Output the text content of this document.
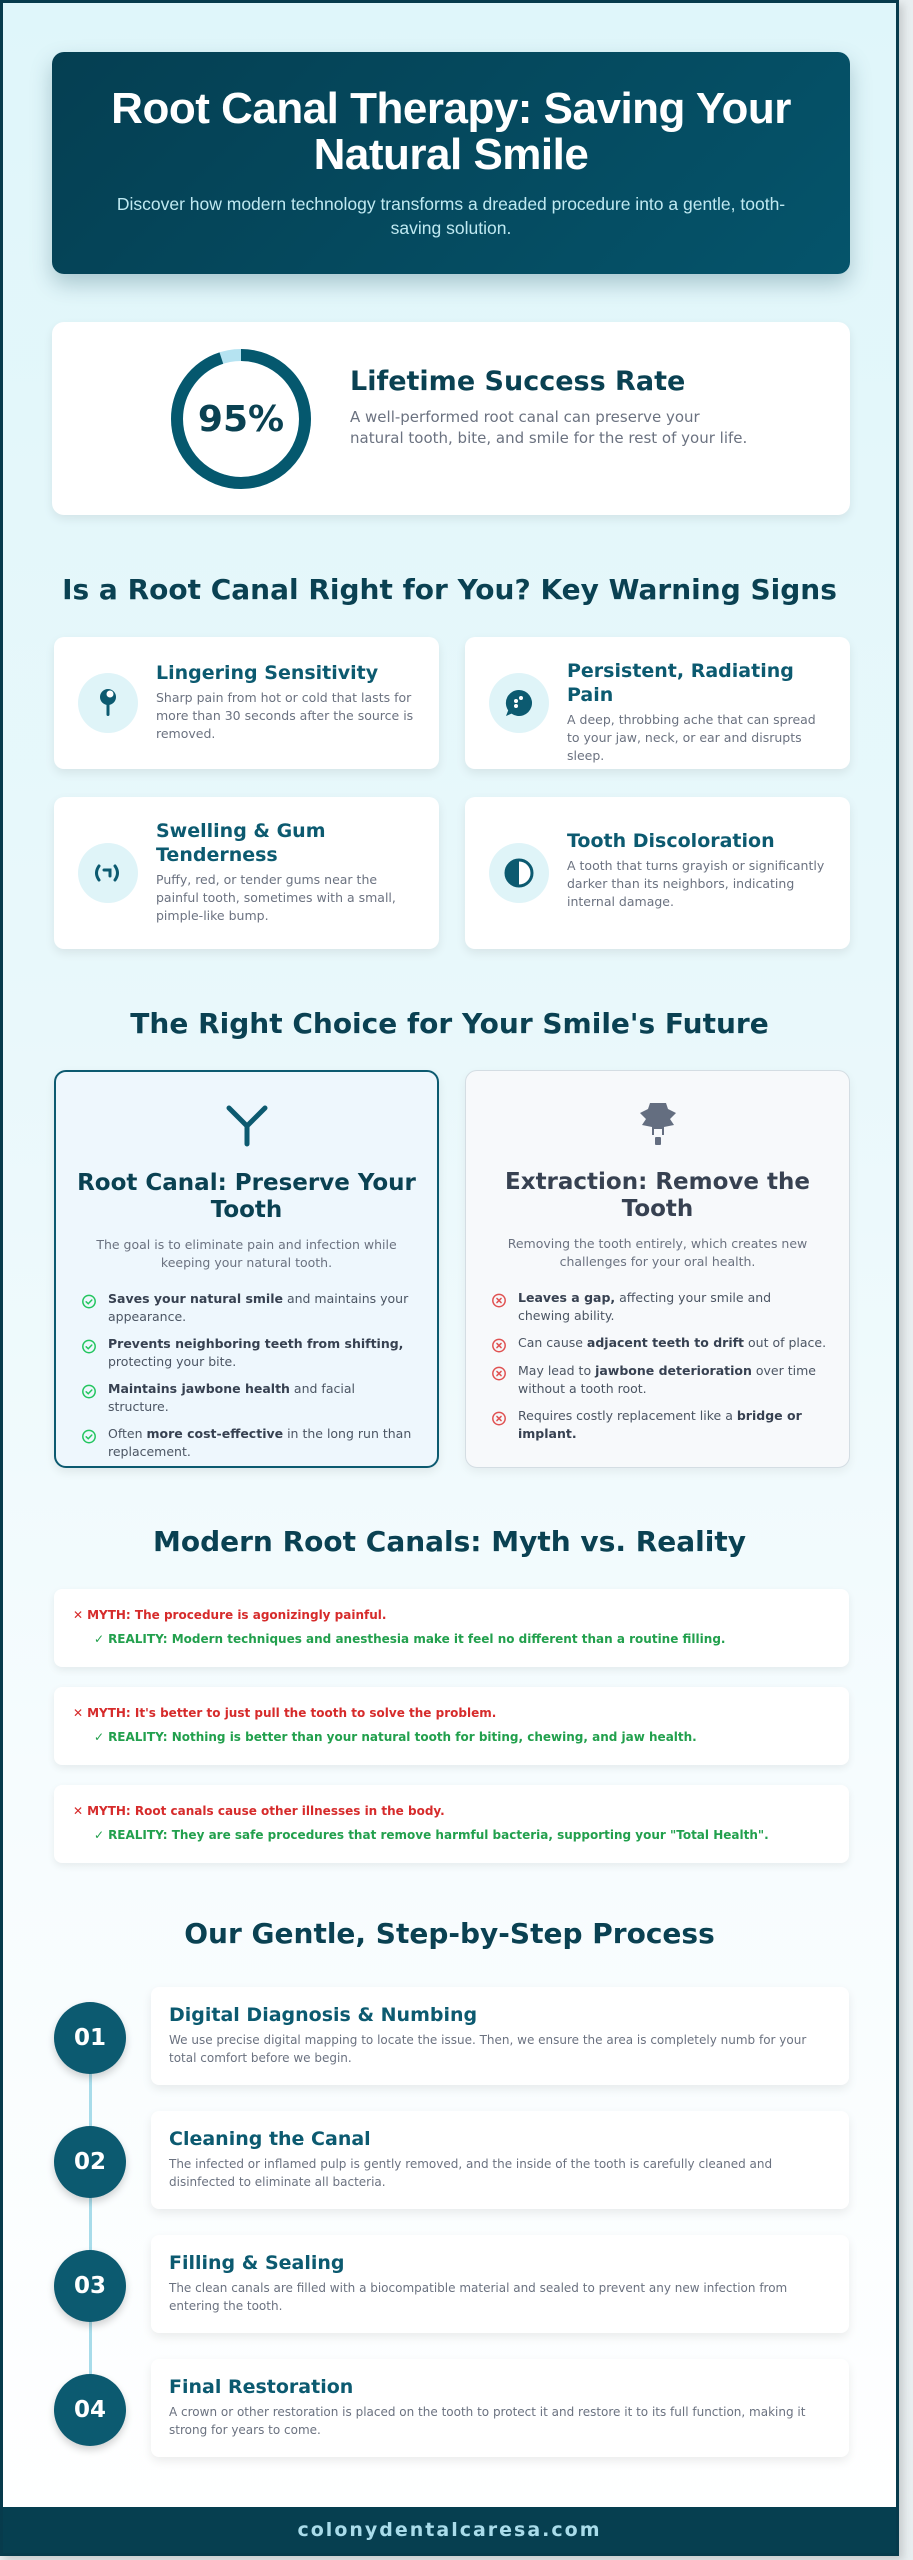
Root Canal Therapy: Saving Your Natural Smile

Discover how modern technology transforms a dreaded procedure into a gentle, tooth-saving solution.

95%
Lifetime Success Rate

A well-performed root canal can preserve your natural tooth, bite, and smile for the rest of your life.

Is a Root Canal Right for You? Key Warning Signs
Lingering Sensitivity

Sharp pain from hot or cold that lasts for more than 30 seconds after the source is removed.

Persistent, Radiating Pain

A deep, throbbing ache that can spread to your jaw, neck, or ear and disrupts sleep.

Swelling & Gum Tenderness

Puffy, red, or tender gums near the painful tooth, sometimes with a small, pimple-like bump.

Tooth Discoloration

A tooth that turns grayish or significantly darker than its neighbors, indicating internal damage.

The Right Choice for Your Smile's Future
Root Canal: Preserve Your Tooth

The goal is to eliminate pain and infection while keeping your natural tooth.

Saves your natural smile and maintains your appearance.
Prevents neighboring teeth from shifting, protecting your bite.
Maintains jawbone health and facial structure.
Often more cost-effective in the long run than replacement.
Extraction: Remove the Tooth

Removing the tooth entirely, which creates new challenges for your oral health.

Leaves a gap, affecting your smile and chewing ability.
Can cause adjacent teeth to drift out of place.
May lead to jawbone deterioration over time without a tooth root.
Requires costly replacement like a bridge or implant.
Modern Root Canals: Myth vs. Reality
✕ MYTH: The procedure is agonizingly painful.
✓ REALITY: Modern techniques and anesthesia make it feel no different than a routine filling.
✕ MYTH: It's better to just pull the tooth to solve the problem.
✓ REALITY: Nothing is better than your natural tooth for biting, chewing, and jaw health.
✕ MYTH: Root canals cause other illnesses in the body.
✓ REALITY: They are safe procedures that remove harmful bacteria, supporting your "Total Health".
Our Gentle, Step-by-Step Process
01
Digital Diagnosis & Numbing

We use precise digital mapping to locate the issue. Then, we ensure the area is completely numb for your total comfort before we begin.

02
Cleaning the Canal

The infected or inflamed pulp is gently removed, and the inside of the tooth is carefully cleaned and disinfected to eliminate all bacteria.

03
Filling & Sealing

The clean canals are filled with a biocompatible material and sealed to prevent any new infection from entering the tooth.

04
Final Restoration

A crown or other restoration is placed on the tooth to protect it and restore it to its full function, making it strong for years to come.

colonydentalcaresa.com
